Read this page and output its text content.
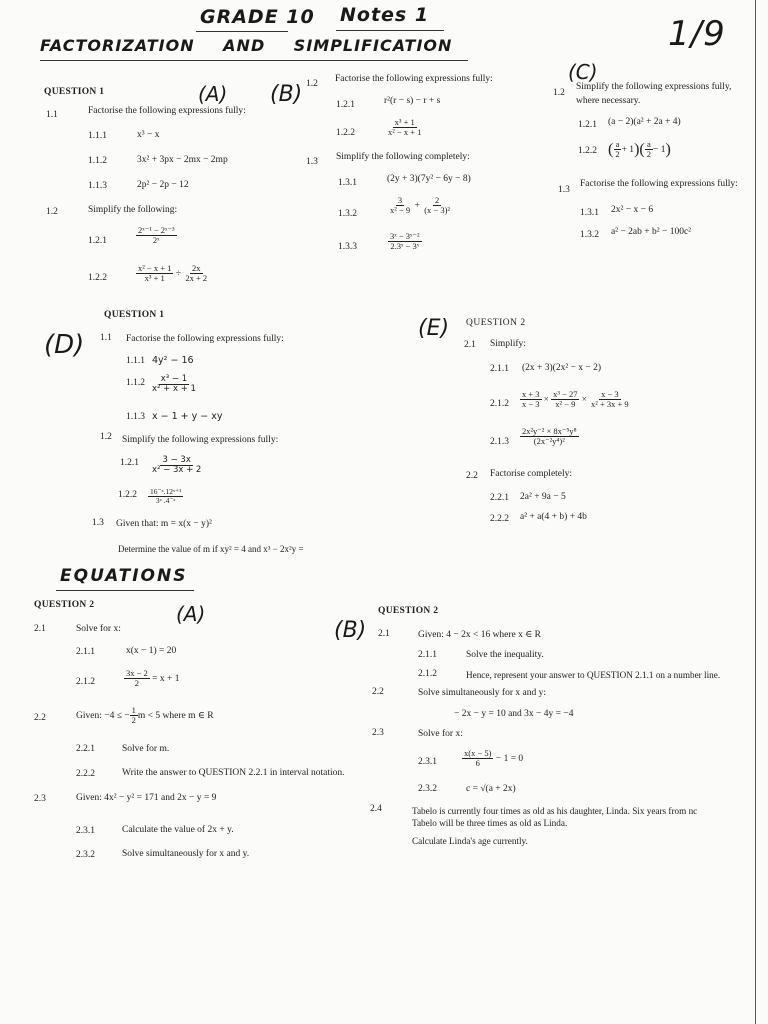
GRADE 10 Notes 1
FACTORIZATION AND SIMPLIFICATION	1/9
(A)
QUESTION 1
1.1	Factorise the following expressions fully:
1.1.1	x³ − x
1.1.2	3x² + 3px − 2mx − 2mp
1.1.3	2p² − 2p − 12
1.2	Simplify the following:
1.2.1	$\frac{\text{2ˣ⁻¹ − 2ˣ⁻³}}{\text{2ˣ}}$
1.2.2	$\frac{\text{x² − x + 1}}{\text{x³ + 1}} \div \frac{2x}{2x + 2}$
(B) 1.2 Factorise the following expressions fully:
1.2.1	r²(r − s) − r + s
1.2.2	$\frac{\text{x³ + 1}}{\text{x² − x + 1}}$
1.3 Simplify the following completely:
1.3.1	(2y + 3)(7y² − 6y − 8)
1.3.2	$\frac{3}{\text{x² − 9}} + \frac{2}{\text{(x − 3)²}}$
1.3.3	$\frac{\text{3ˣ − 3ˣ⁻²}}{\text{2.3ˣ − 3ˣ}}$
(C)
1.2
Simplify the following expressions fully,
where necessary.
1.2.1 (a − 2)(a² + 2a + 4)
1.2.2 ( $\frac{a}{2} + 1)( \frac{a}{2} - 1)$
1.3
Factorise the following expressions fully:
1.3.1 2x² − x − 6
1.3.2 a² − 2ab + b² − 100c²
(D)
QUESTION 1
1.1 Factorise the following expressions fully:
1.1.1 4y² − 16
$1.1.2 \frac{\text{x³ − 1}}{\text{x² + x + 1}}$
1.1.3 x − 1 + y − xy
1.2 Simplify the following expressions fully:
$1.2.1 \frac{3 - 3x}{\text{x² − 3x + 2}}$
$1.2.2 \frac{\text{16⁻ˣ.12ˣ⁺¹}}{\text{3ˣ .4⁻ˣ}}$
1.3 Given that: m = x(x − y)²
Determine the value of m if xy² = 4 and x³ − 2x²y =
(E) QUESTION 2
2.1 Simplify:
2.1.1 (2x + 3)(2x² − x − 2)
$2.1.2 \frac{x + 3}{x - 3} \times \frac{\text{x³ − 27}}{\text{x² − 9}} \times \frac{x - 3}{\text{x² + 3x + 9}}$
$2.1.3 \frac{\text{2x²y⁻² × 8x⁻⁵y⁸}}{\text{(2x⁻²y⁴)²}}$
2.2 Factorise completely:
2.2.1 2a² + 9a − 5
2.2.2 a² + a(4 + b) + 4b
EQUATIONS
(A)
QUESTION 2
2.1	Solve for x:
2.1.1	x(x − 1) = 20
2.1.2	$\frac{3x - 2}{2} = x + 1$
2.2	Given: −4 ≤ − $\frac{1}{2}$ m < 5 where m ∈ R
2.2.1	Solve for m.
2.2.2	Write the answer to QUESTION 2.2.1 in interval notation.
2.3	Given: 4x² − y² = 171 and 2x − y = 9
2.3.1	Calculate the value of 2x + y.
2.3.2	Solve simultaneously for x and y.
(B)
QUESTION 2
2.1	Given: 4 − 2x < 16 where x ∈ R
2.1.1	Solve the inequality.
2.1.2	Hence, represent your answer to QUESTION 2.1.1 on a number line.
2.2	Solve simultaneously for x and y:
− 2x − y = 10 and 3x − 4y = −4
2.3	Solve for x:
2.3.1	$\frac{x(x - 5)}{6} - 1 = 0$
2.3.2	c = √(a + 2x)
2.4	Tabelo is currently four times as old as his daughter, Linda. Six years from nc
Tabelo will be three times as old as Linda.
Calculate Linda's age currently.
